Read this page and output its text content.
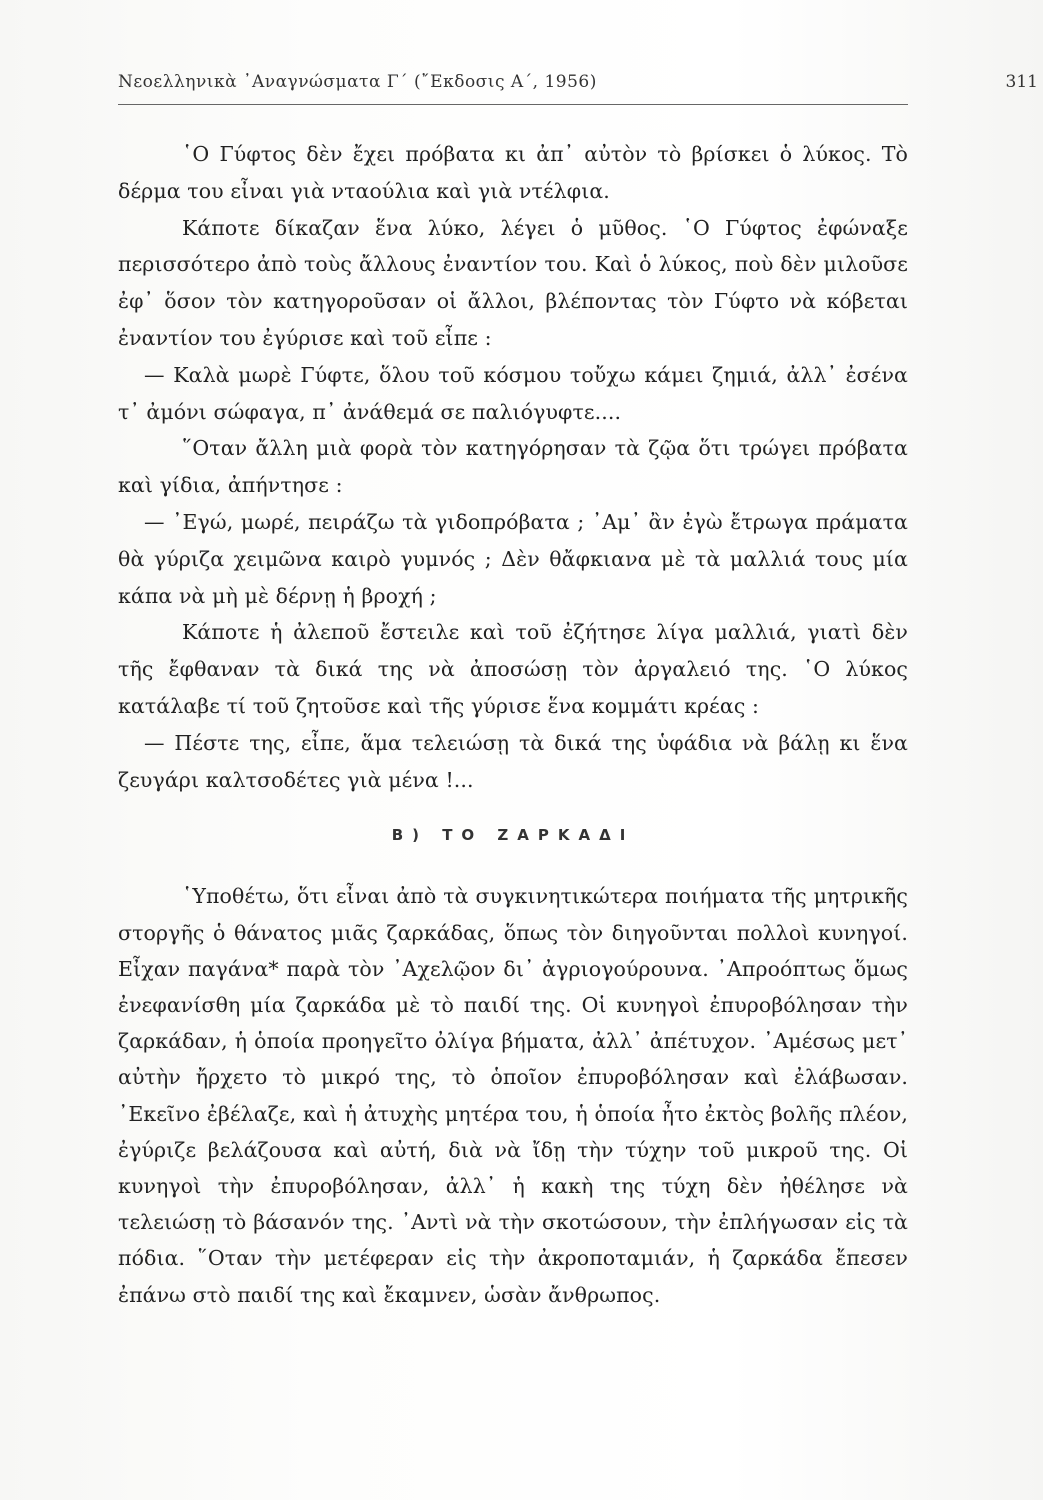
Νεοελληνικὰ ᾿Αναγνώσματα Γ΄ (῎Εκδοσις Α΄, 1956)	311

῾Ο Γύφτος δὲν ἔχει πρόβατα κι ἀπ᾿ αὐτὸν τὸ βρίσκει ὁ λύκος. Τὸ δέρμα του εἶναι γιὰ νταούλια καὶ γιὰ ντέλφια.

Κάποτε δίκαζαν ἕνα λύκο, λέγει ὁ μῦθος. ῾Ο Γύφτος ἐφώναξε περισσότερο ἀπὸ τοὺς ἄλλους ἐναντίον του. Καὶ ὁ λύκος, ποὺ δὲν μιλοῦσε ἐφ᾿ ὅσον τὸν κατηγοροῦσαν οἱ ἄλλοι, βλέποντας τὸν Γύφτο νὰ κόβεται ἐναντίον του ἐγύρισε καὶ τοῦ εἶπε :

— Καλὰ μωρὲ Γύφτε, ὅλου τοῦ κόσμου τοὔχω κάμει ζημιά, ἀλλ᾿ ἐσένα τ᾿ ἀμόνι σώφαγα, π᾿ ἀνάθεμά σε παλιόγυφτε....

῞Οταν ἄλλη μιὰ φορὰ τὸν κατηγόρησαν τὰ ζῷα ὅτι τρώγει πρόβατα καὶ γίδια, ἀπήντησε :

— ᾿Εγώ, μωρέ, πειράζω τὰ γιδοπρόβατα ; ᾿Αμ᾿ ἂν ἐγὼ ἔτρωγα πράματα θὰ γύριζα χειμῶνα καιρὸ γυμνός ; Δὲν θἄφκιανα μὲ τὰ μαλλιά τους μία κάπα νὰ μὴ μὲ δέρνῃ ἡ βροχή ;

Κάποτε ἡ ἀλεποῦ ἔστειλε καὶ τοῦ ἐζήτησε λίγα μαλλιά, γιατὶ δὲν τῆς ἔφθαναν τὰ δικά της νὰ ἀποσώσῃ τὸν ἀργαλειό της. ῾Ο λύκος κατάλαβε τί τοῦ ζητοῦσε καὶ τῆς γύρισε ἕνα κομμάτι κρέας :

— Πέστε της, εἶπε, ἅμα τελειώσῃ τὰ δικά της ὑφάδια νὰ βάλῃ κι ἕνα ζευγάρι καλτσοδέτες γιὰ μένα !...

Β) ΤΟ ΖΑΡΚΑΔΙ

῾Υποθέτω, ὅτι εἶναι ἀπὸ τὰ συγκινητικώτερα ποιήματα τῆς μητρικῆς στοργῆς ὁ θάνατος μιᾶς ζαρκάδας, ὅπως τὸν διηγοῦνται πολλοὶ κυνηγοί. Εἶχαν παγάνα* παρὰ τὸν ᾿Αχελῷον δι᾿ ἀγριογούρουνα. ᾿Απροόπτως ὅμως ἐνεφανίσθη μία ζαρκάδα μὲ τὸ παιδί της. Οἱ κυνηγοὶ ἐπυροβόλησαν τὴν ζαρκάδαν, ἡ ὁποία προηγεῖτο ὀλίγα βήματα, ἀλλ᾿ ἀπέτυχον. ᾿Αμέσως μετ᾿ αὐτὴν ἤρχετο τὸ μικρό της, τὸ ὁποῖον ἐπυροβόλησαν καὶ ἐλάβωσαν. ᾿Εκεῖνο ἐβέλαζε, καὶ ἡ ἀτυχὴς μητέρα του, ἡ ὁποία ἦτο ἐκτὸς βολῆς πλέον, ἐγύριζε βελάζουσα καὶ αὐτή, διὰ νὰ ἴδῃ τὴν τύχην τοῦ μικροῦ της. Οἱ κυνηγοὶ τὴν ἐπυροβόλησαν, ἀλλ᾿ ἡ κακὴ της τύχη δὲν ἠθέλησε νὰ τελειώσῃ τὸ βάσανόν της. ᾿Αντὶ νὰ τὴν σκοτώσουν, τὴν ἐπλήγωσαν εἰς τὰ πόδια. ῞Οταν τὴν μετέφεραν εἰς τὴν ἀκροποταμιάν, ἡ ζαρκάδα ἔπεσεν ἐπάνω στὸ παιδί της καὶ ἔκαμνεν, ὡσὰν ἄνθρωπος.
